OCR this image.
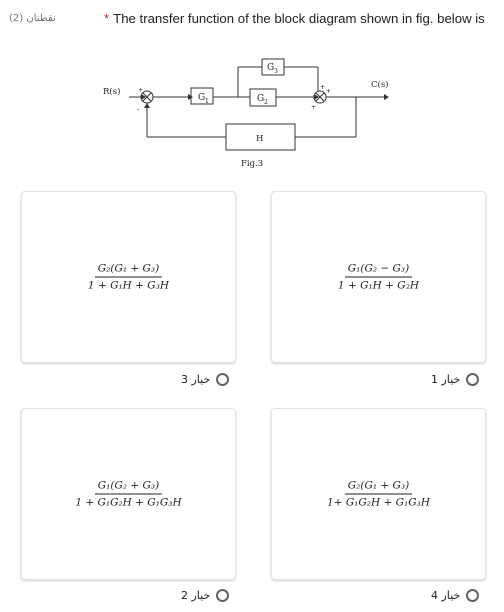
(2) نقطتان	* The transfer function of the block diagram shown in fig. below is
R(s)
C(s)
G 1	G 2
G 3
H
Fig.3
+
-
+
+
+
$\frac{\text{G₂(G₁ + G₃)}}{\text{1 + G₁H + G₃H}}$	$\frac{\text{G₁(G₂ − G₃)}}{\text{1 + G₁H + G₂H}}$
$\frac{\text{G₁(G₂ + G₃)}}{\text{1 + G₁G₂H + G₁G₃H}}$	$\frac{\text{G₂(G₁ + G₃)}}{\text{1+ G₁G₂H + G₁G₃H}}$
خيار 3	خيار 1
خيار 2	خيار 4
